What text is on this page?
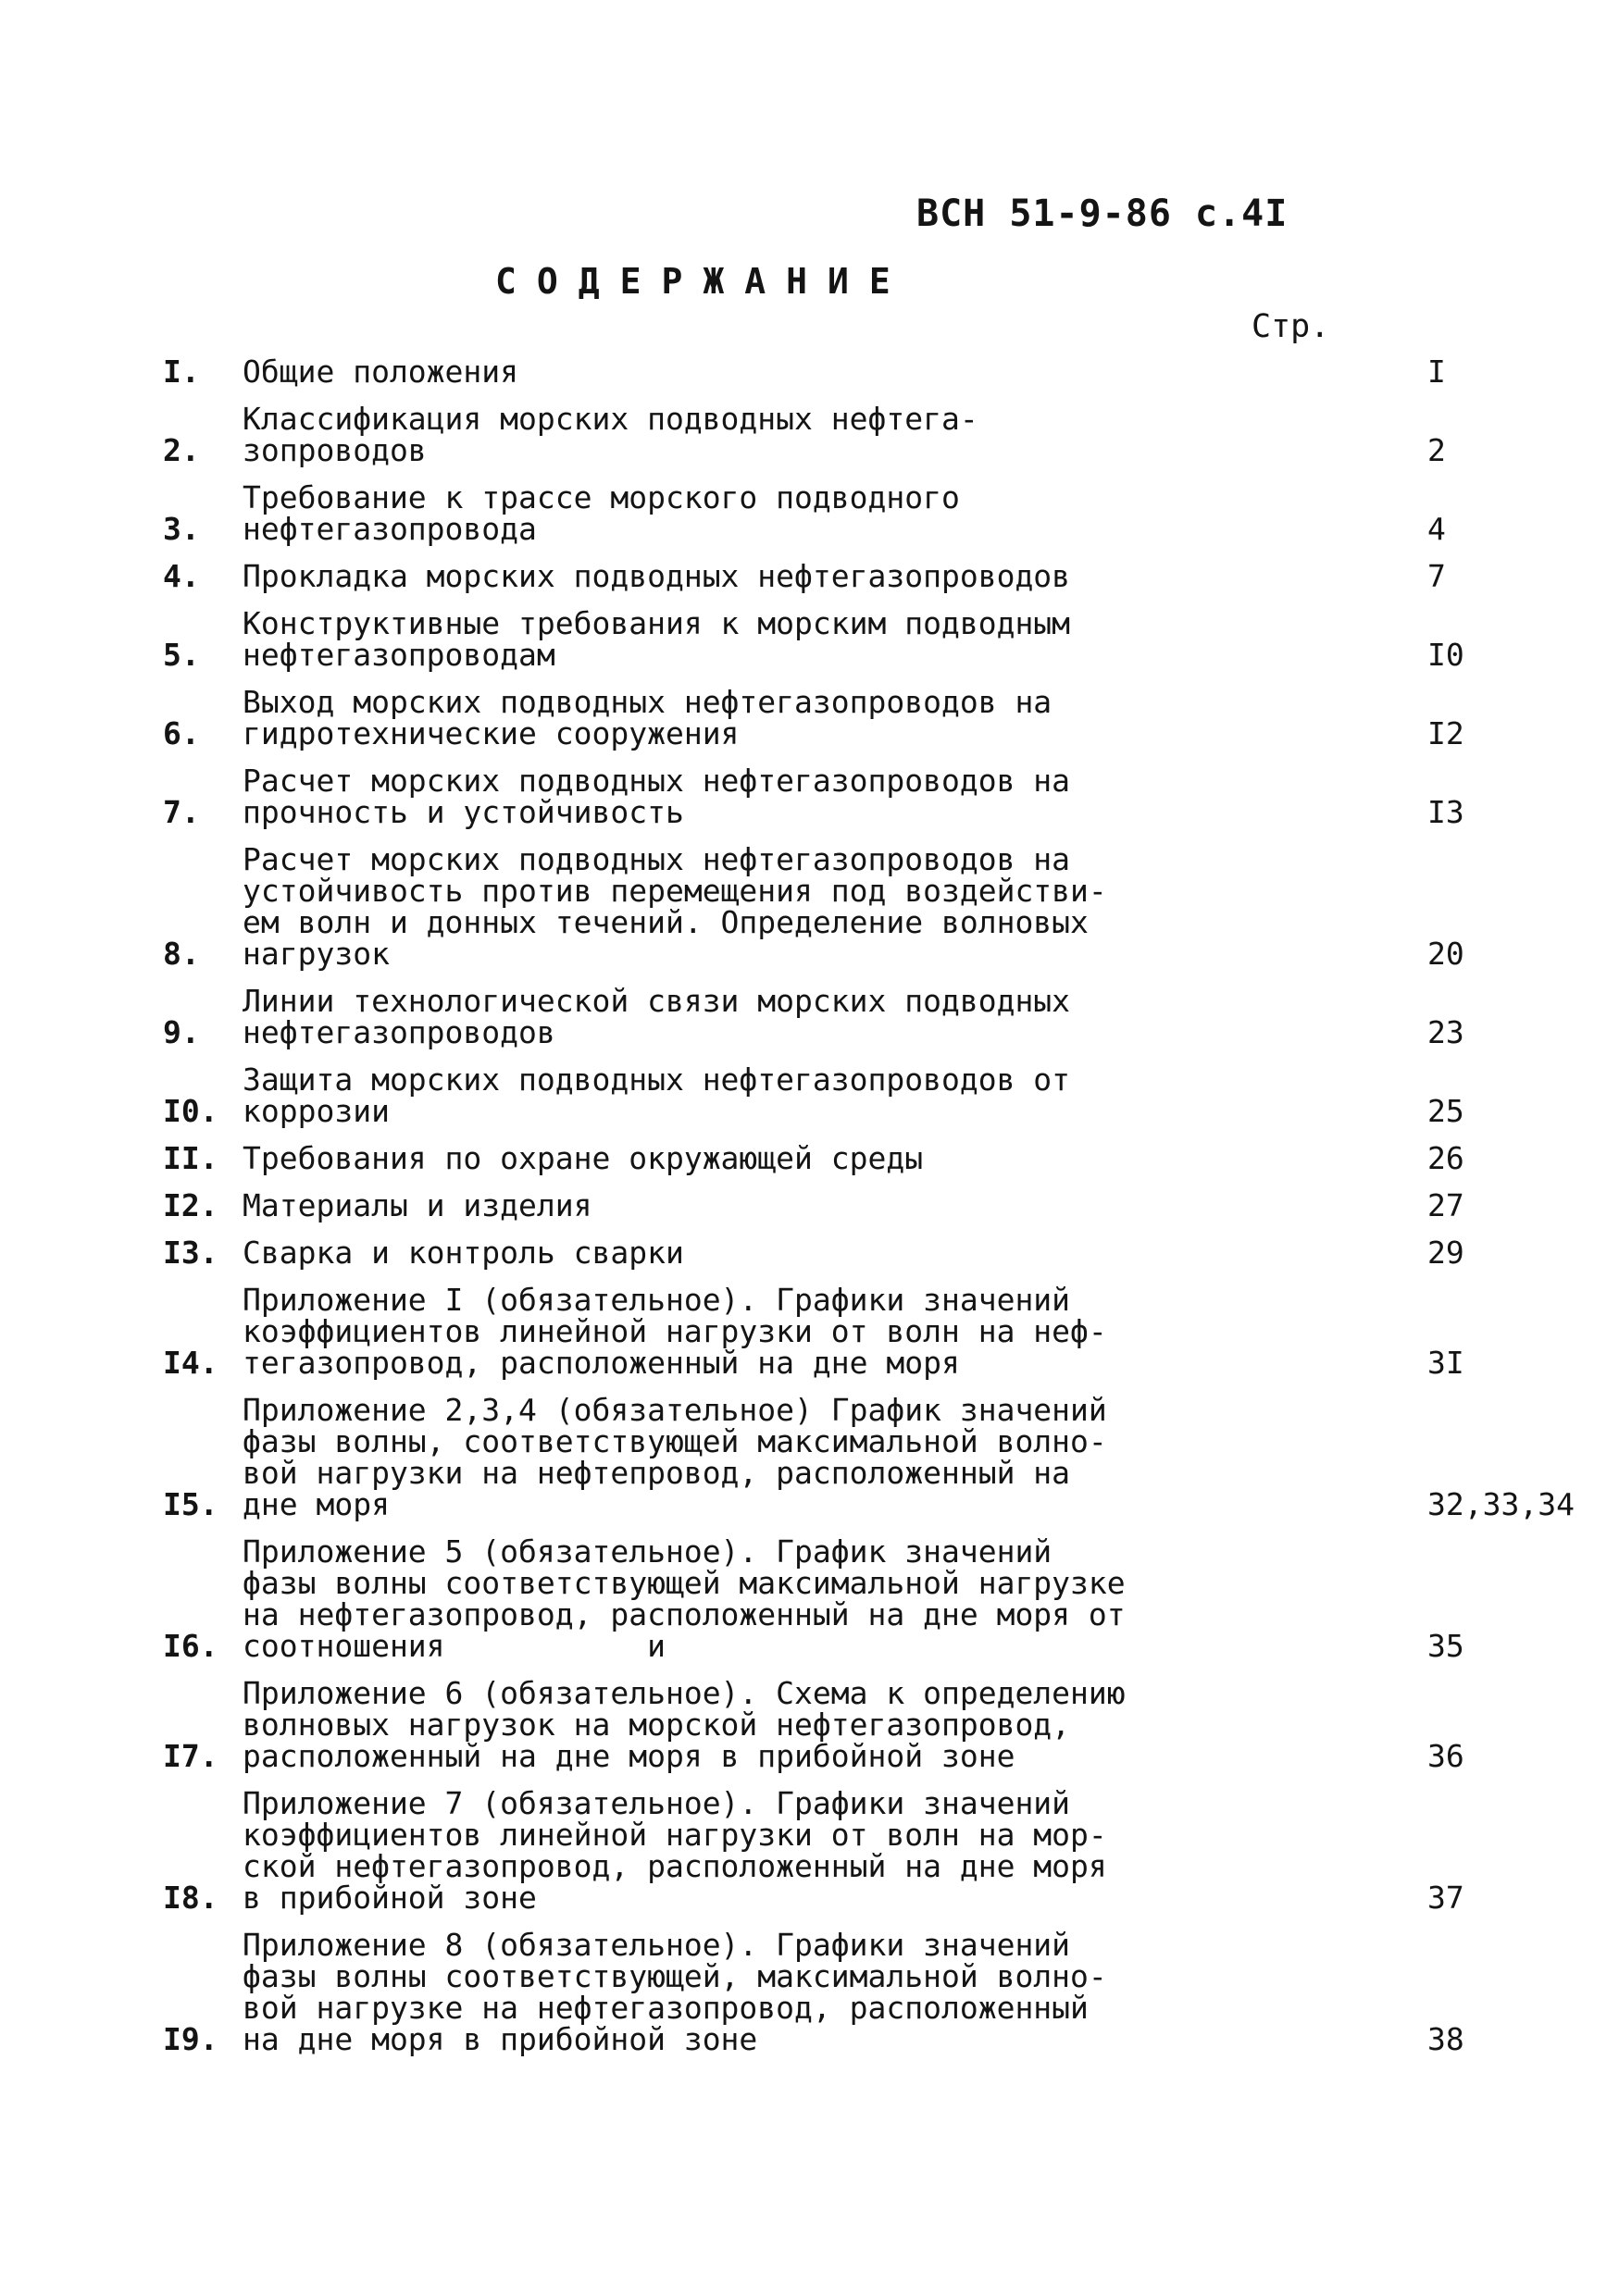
ВСН 51-9-86 с.4I
СОДЕРЖАНИЕ
Стр.
I.	Общие положения	I
2.
Классификация морских подводных нефтега-
зопроводов	2
3.
Требование к трассе морского подводного
нефтегазопровода	4
4.	Прокладка морских подводных нефтегазопроводов	7
5.
Конструктивные требования к морским подводным
нефтегазопроводам	I0
6.
Выход морских подводных нефтегазопроводов на
гидротехнические сооружения	I2
7.
Расчет морских подводных нефтегазопроводов на
прочность и устойчивость	I3
8.
Расчет морских подводных нефтегазопроводов на
устойчивость против перемещения под воздействи-
ем волн и донных течений. Определение волновых
нагрузок	20
9.
Линии технологической связи морских подводных
нефтегазопроводов	23
I0.
Защита морских подводных нефтегазопроводов от
коррозии	25
II. Требования по охране окружающей среды	26
I2. Материалы и изделия	27
I3. Сварка и контроль сварки	29
I4.
Приложение I (обязательное). Графики значений
коэффициентов линейной нагрузки от волн на неф-
тегазопровод, расположенный на дне моря	3I
I5.
Приложение 2,3,4 (обязательное) График значений
фазы волны, соответствующей максимальной волно-
вой нагрузки на нефтепровод, расположенный на
дне моря	32,33,34
I6.
Приложение 5 (обязательное). График значений
фазы волны соответствующей максимальной нагрузке
на нефтегазопровод, расположенный на дне моря от
соотношения           и	35
I7.
Приложение 6 (обязательное). Схема к определению
волновых нагрузок на морской нефтегазопровод,
расположенный на дне моря в прибойной зоне	36
I8.
Приложение 7 (обязательное). Графики значений
коэффициентов линейной нагрузки от волн на мор-
ской нефтегазопровод, расположенный на дне моря
в прибойной зоне	37
I9.
Приложение 8 (обязательное). Графики значений
фазы волны соответствующей, максимальной волно-
вой нагрузке на нефтегазопровод, расположенный
на дне моря в прибойной зоне	38
